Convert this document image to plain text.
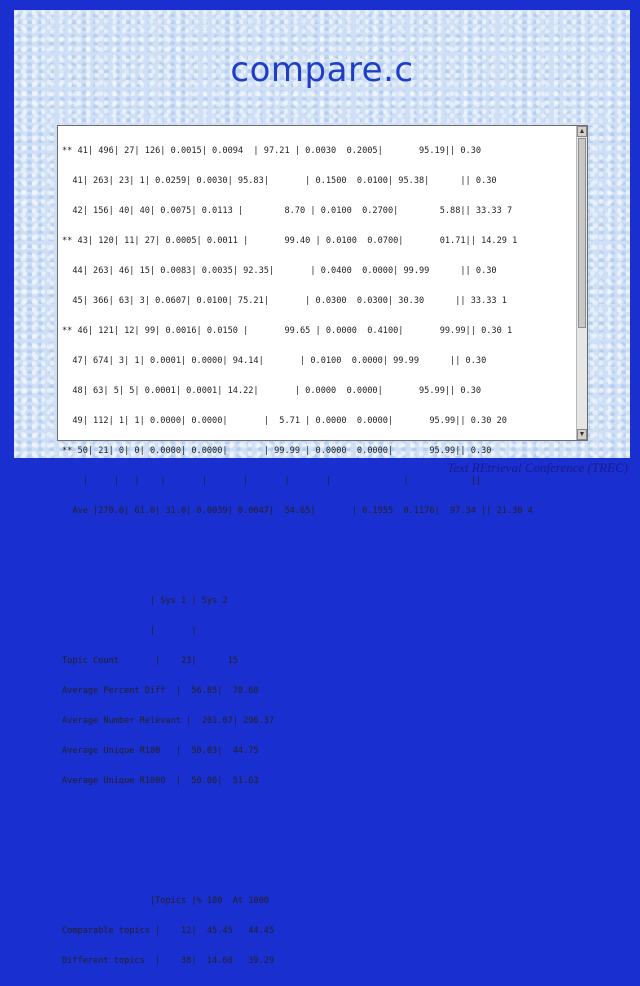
compare.c

** 41| 496| 27| 126| 0.0015| 0.0094  | 97.21 | 0.0030  0.2005|       95.19|| 0.30

41| 263| 23| 1| 0.0259| 0.0030| 95.83|       | 0.1500  0.0100| 95.38|      || 0.30

42| 156| 40| 40| 0.0075| 0.0113 |        8.70 | 0.0100  0.2700|        5.88|| 33.33 7

** 43| 120| 11| 27| 0.0005| 0.0011 |       99.40 | 0.0100  0.0700|       01.71|| 14.29 1

44| 263| 46| 15| 0.0083| 0.0035| 92.35|       | 0.0400  0.0000| 99.99      || 0.30

45| 366| 63| 3| 0.0607| 0.0100| 75.21|       | 0.0300  0.0300| 30.30      || 33.33 1

** 46| 121| 12| 99| 0.0016| 0.0150 |       99.65 | 0.0000  0.4100|       99.99|| 0.30 1

47| 674| 3| 1| 0.0001| 0.0000| 94.14|       | 0.0100  0.0000| 99.99      || 0.30

48| 63| 5| 5| 0.0001| 0.0001| 14.22|       | 0.0000  0.0000|       95.99|| 0.30

49| 112| 1| 1| 0.0000| 0.0000|       |  5.71 | 0.0000  0.0000|       95.99|| 0.30 20

** 50| 21| 0| 0| 0.0000| 0.0000|       | 99.99 | 0.0000  0.0000|       95.99|| 0.30

|     |   |    |       |       |       |       |              |            ||

Ave |270.0| 61.0| 31.0| 0.0039| 0.0047|  54.65|       | 0.1955  0.1176|  97.34 || 21.30 4

| Sys 1 | Sys 2

|       |

Topic Count       |    23|      15

Average Percent Diff  |  56.85|  70.68

Average Number Relevant |  201.07| 296.37

Average Unique R100   |  50.03|  44.75

Average Unique R1000  |  50.06|  51.63

|Topics |% 100  At 1000

Comparable topics |    12|  45.45   44.45

Different topics  |    38|  14.60   39.29

▲
▼
Text REtrieval Conference (TREC)
